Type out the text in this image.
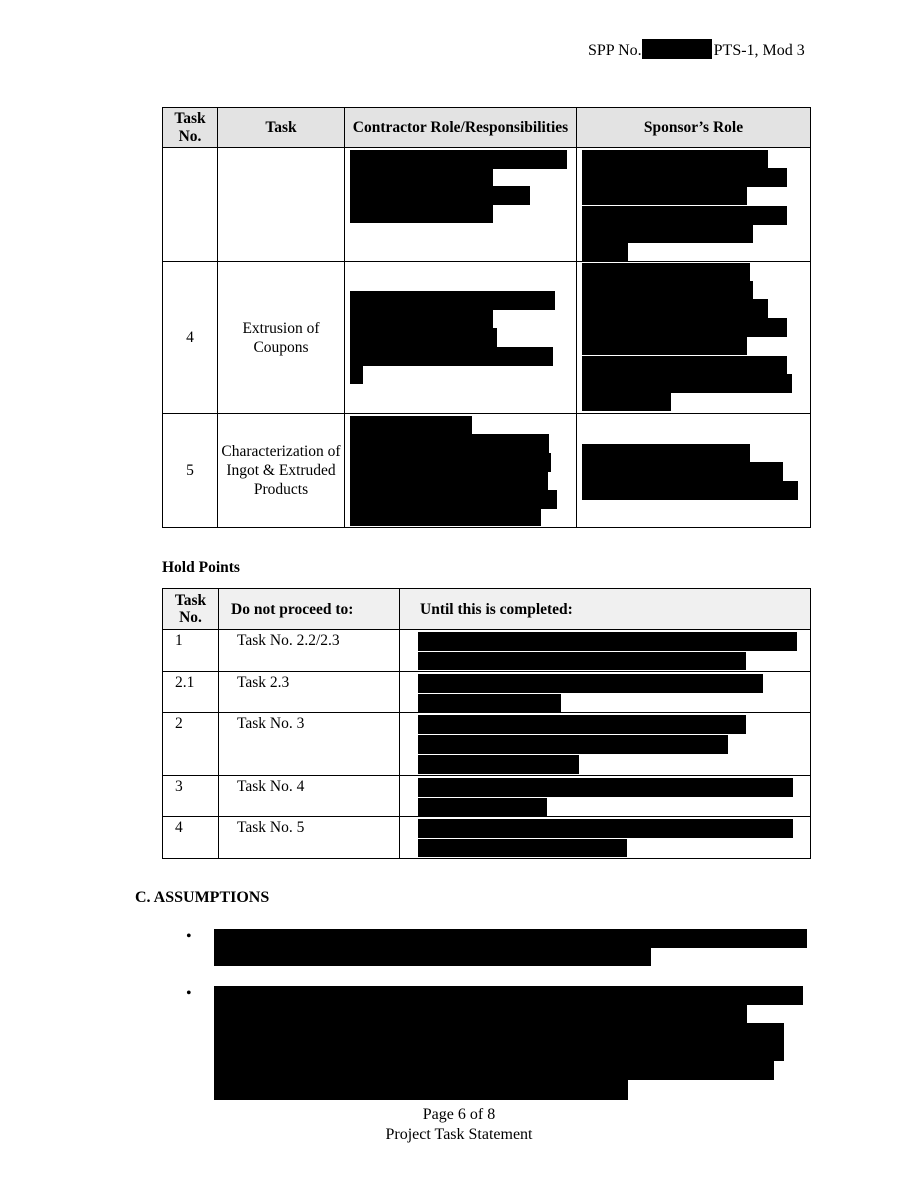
SPP No.	PTS-1, Mod 3
Task No.	Task	Contractor Role/Responsibilities	Sponsor’s Role

4	Extrusion of Coupons	

5	Characterization of Ingot & Extruded Products	

Hold Points
Task No.	Do not proceed to:	Until this is completed:

1	Task No. 2.2/2.3	

2.1	Task 2.3	

2	Task No. 3	

3	Task No. 4	

4	Task No. 5	

C. ASSUMPTIONS
•
•
Page 6 of 8
Project Task Statement
